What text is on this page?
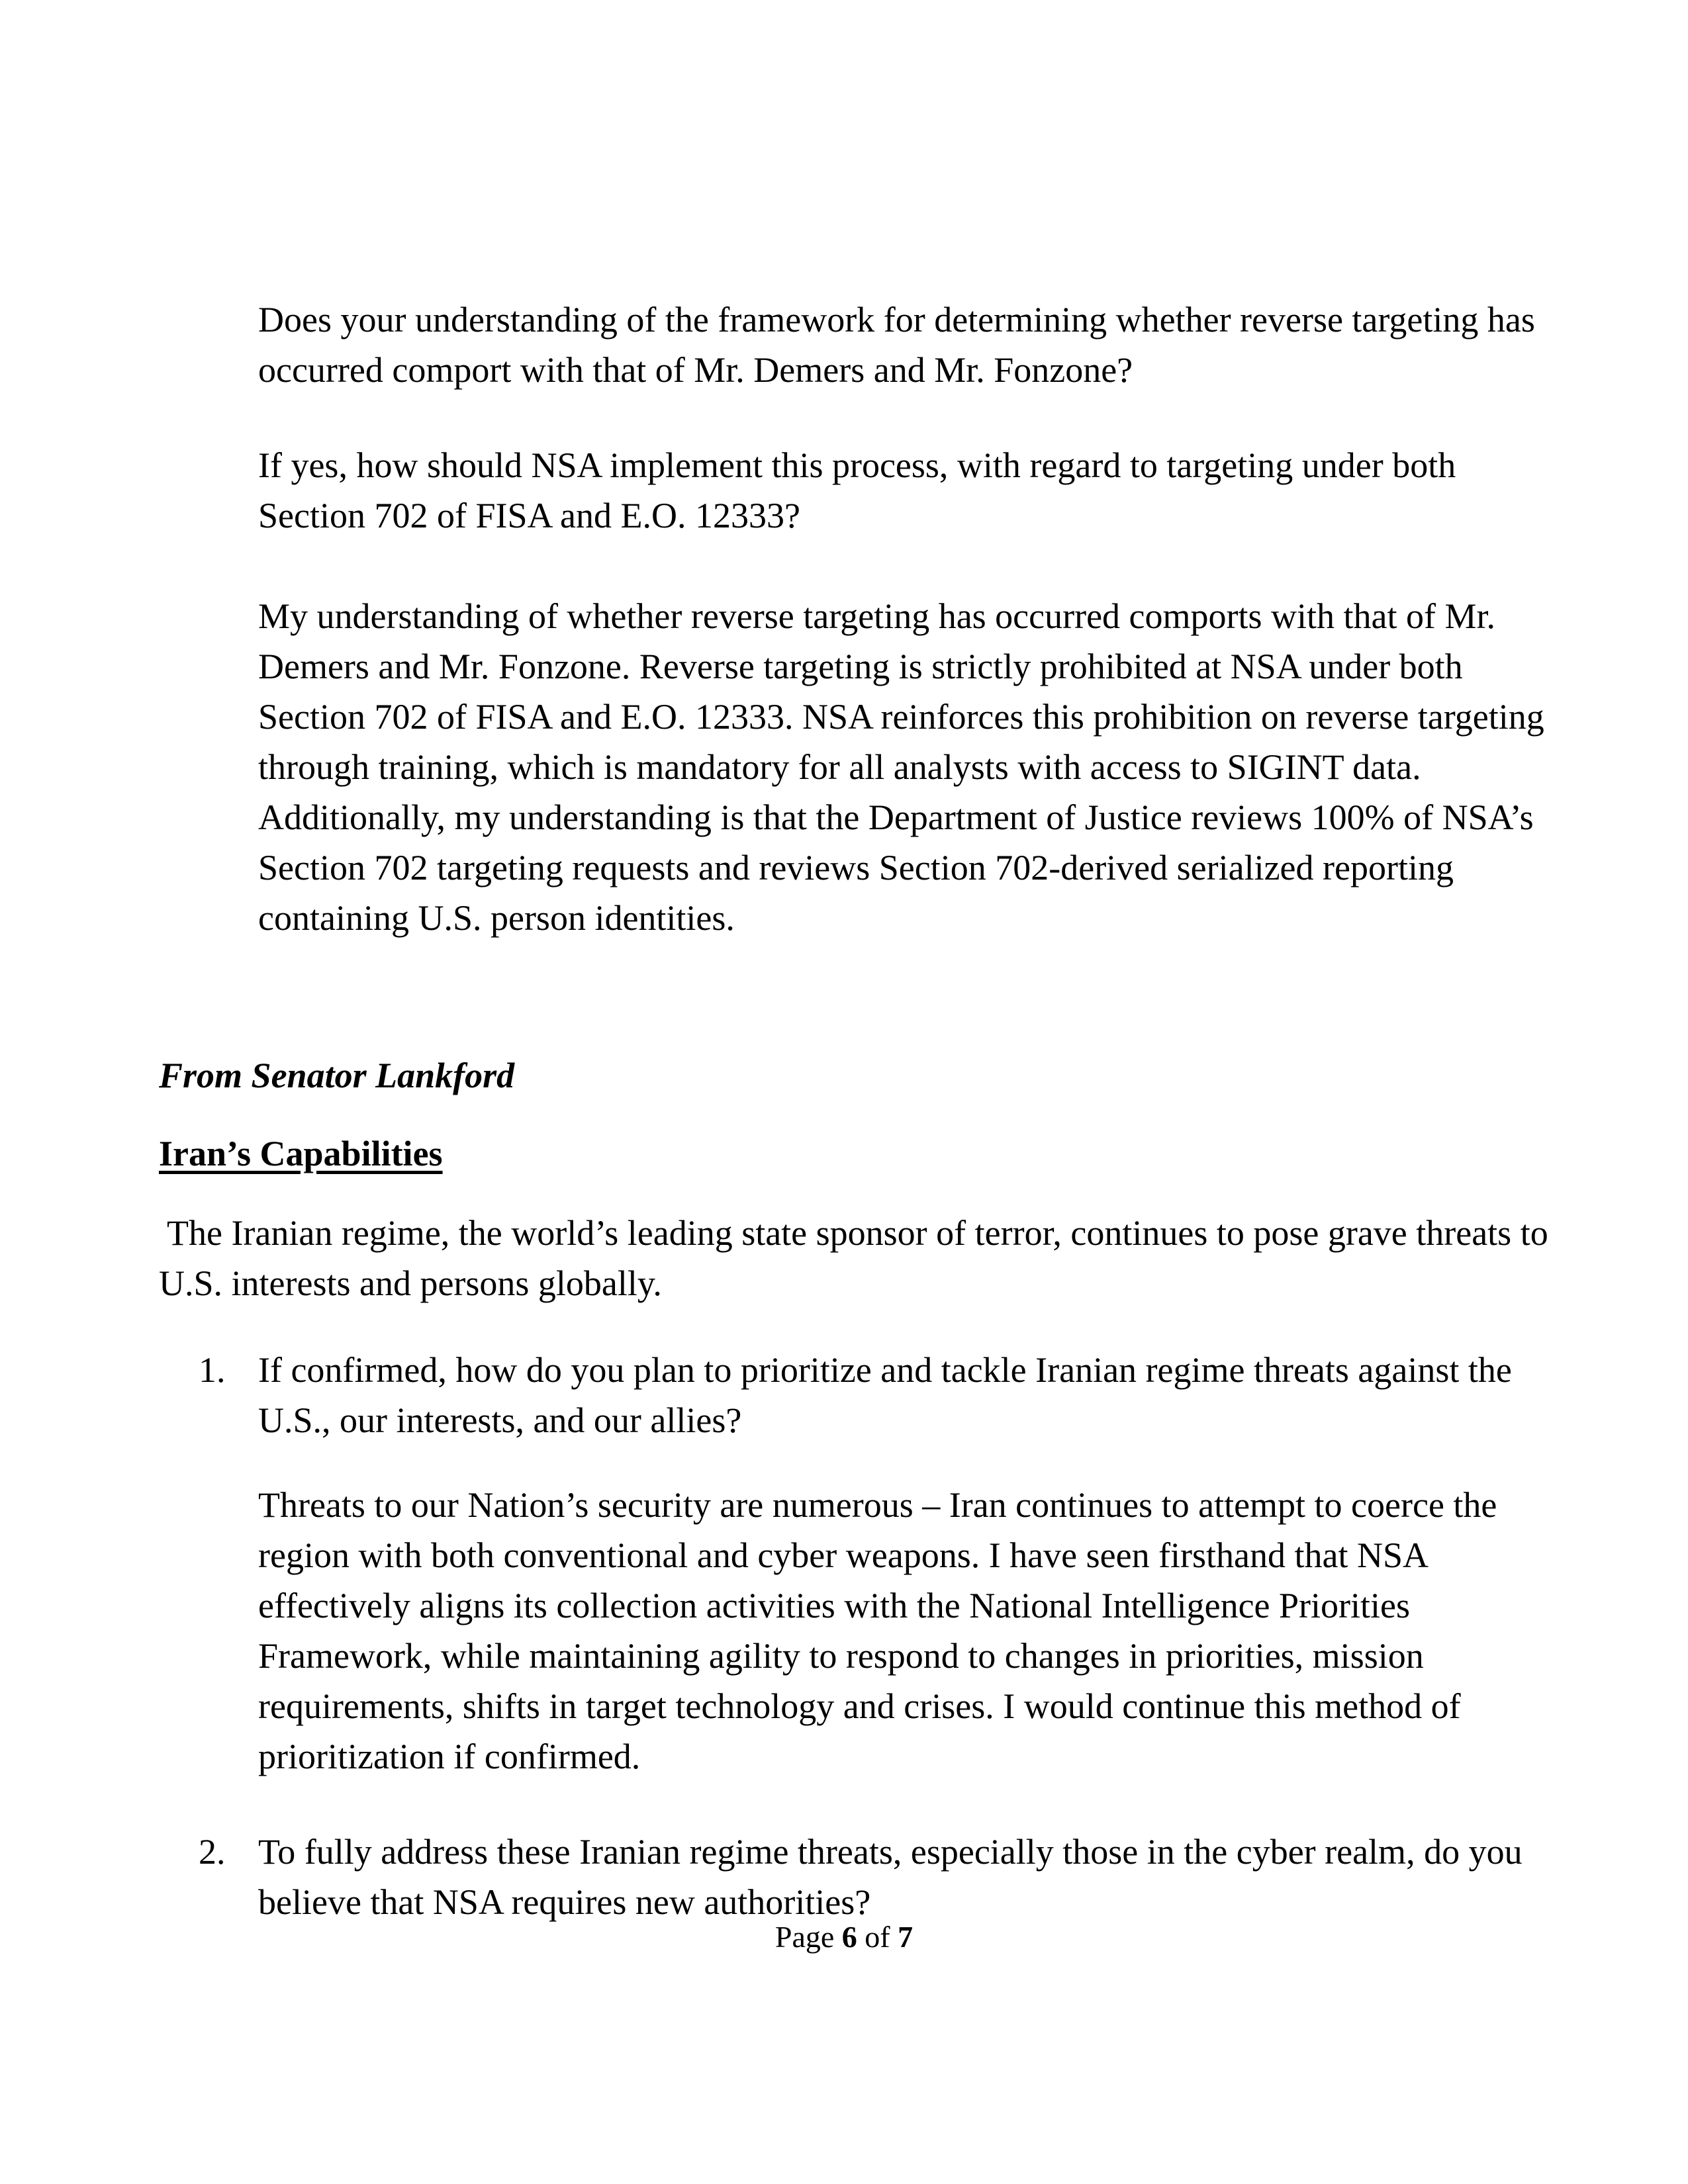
Does your understanding of the framework for determining whether reverse targeting has occurred comport with that of Mr. Demers and Mr. Fonzone?

If yes, how should NSA implement this process, with regard to targeting under both Section 702 of FISA and E.O. 12333?

My understanding of whether reverse targeting has occurred comports with that of Mr. Demers and Mr. Fonzone. Reverse targeting is strictly prohibited at NSA under both Section 702 of FISA and E.O. 12333. NSA reinforces this prohibition on reverse targeting through training, which is mandatory for all analysts with access to SIGINT data. Additionally, my understanding is that the Department of Justice reviews 100% of NSA’s Section 702 targeting requests and reviews Section 702-derived serialized reporting containing U.S. person identities.

From Senator Lankford

Iran’s Capabilities

The Iranian regime, the world’s leading state sponsor of terror, continues to pose grave threats to U.S. interests and persons globally.

1. If confirmed, how do you plan to prioritize and tackle Iranian regime threats against the U.S., our interests, and our allies?

Threats to our Nation’s security are numerous – Iran continues to attempt to coerce the region with both conventional and cyber weapons. I have seen firsthand that NSA effectively aligns its collection activities with the National Intelligence Priorities Framework, while maintaining agility to respond to changes in priorities, mission requirements, shifts in target technology and crises. I would continue this method of prioritization if confirmed.

2. To fully address these Iranian regime threats, especially those in the cyber realm, do you believe that NSA requires new authorities?
Page 6 of 7
